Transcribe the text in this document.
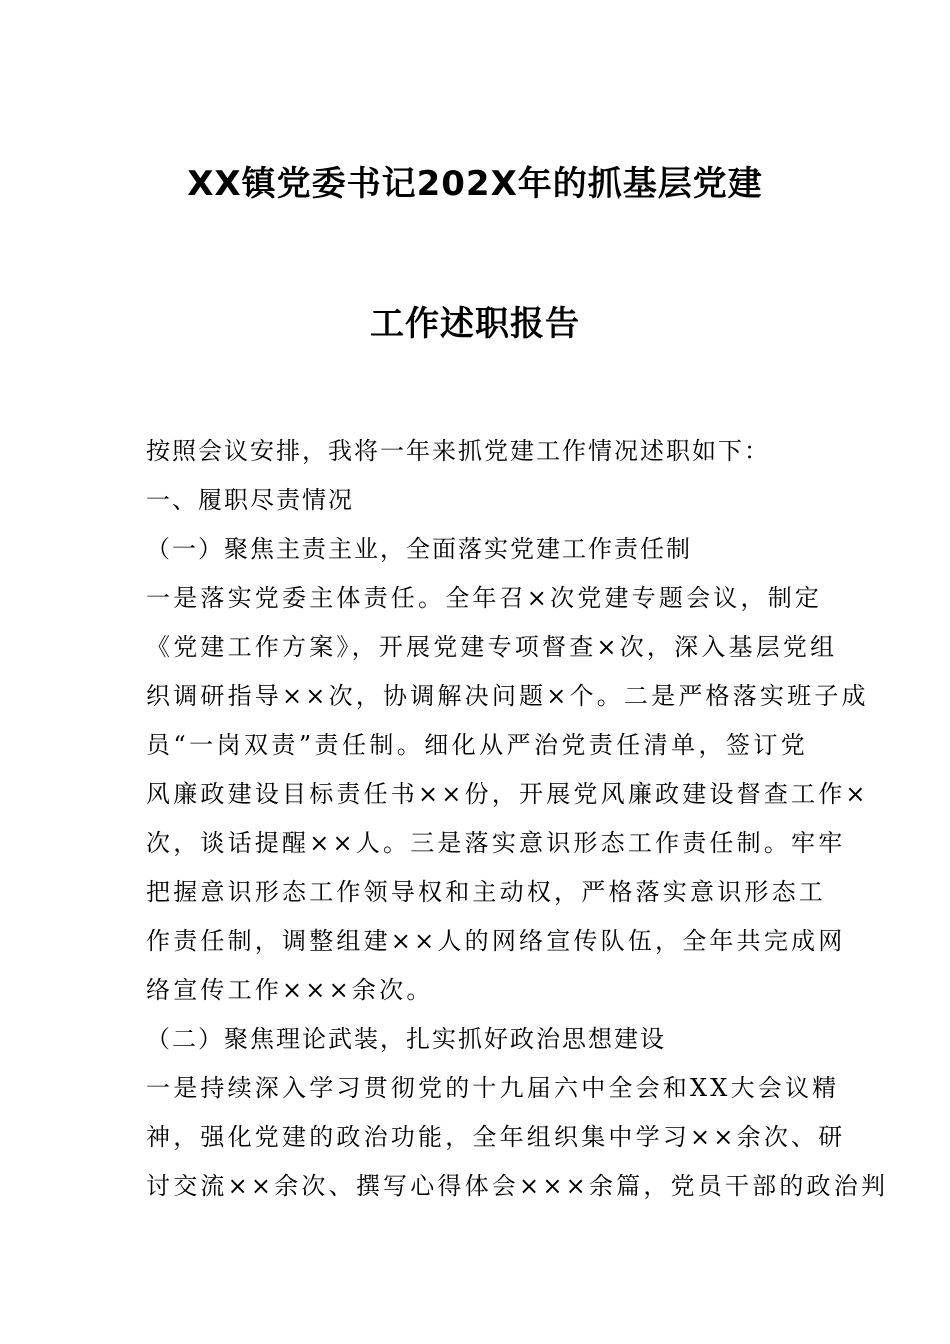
XX镇党委书记202X年的抓基层党建
工作述职报告
按照会议安排，我将一年来抓党建工作情况述职如下：
一、履职尽责情况
（一）聚焦主责主业，全面落实党建工作责任制
一是落实党委主体责任。全年召×次党建专题会议，制定
《党建工作方案》，开展党建专项督查×次，深入基层党组
织调研指导××次，协调解决问题×个。二是严格落实班子成
员“一岗双责”责任制。细化从严治党责任清单，签订党
风廉政建设目标责任书××份，开展党风廉政建设督查工作×
次，谈话提醒××人。三是落实意识形态工作责任制。牢牢
把握意识形态工作领导权和主动权，严格落实意识形态工
作责任制，调整组建××人的网络宣传队伍，全年共完成网
络宣传工作×××余次。
（二）聚焦理论武装，扎实抓好政治思想建设
一是持续深入学习贯彻党的十九届六中全会和XX大会议精
神，强化党建的政治功能，全年组织集中学习××余次、研
讨交流××余次、撰写心得体会×××余篇，党员干部的政治判
